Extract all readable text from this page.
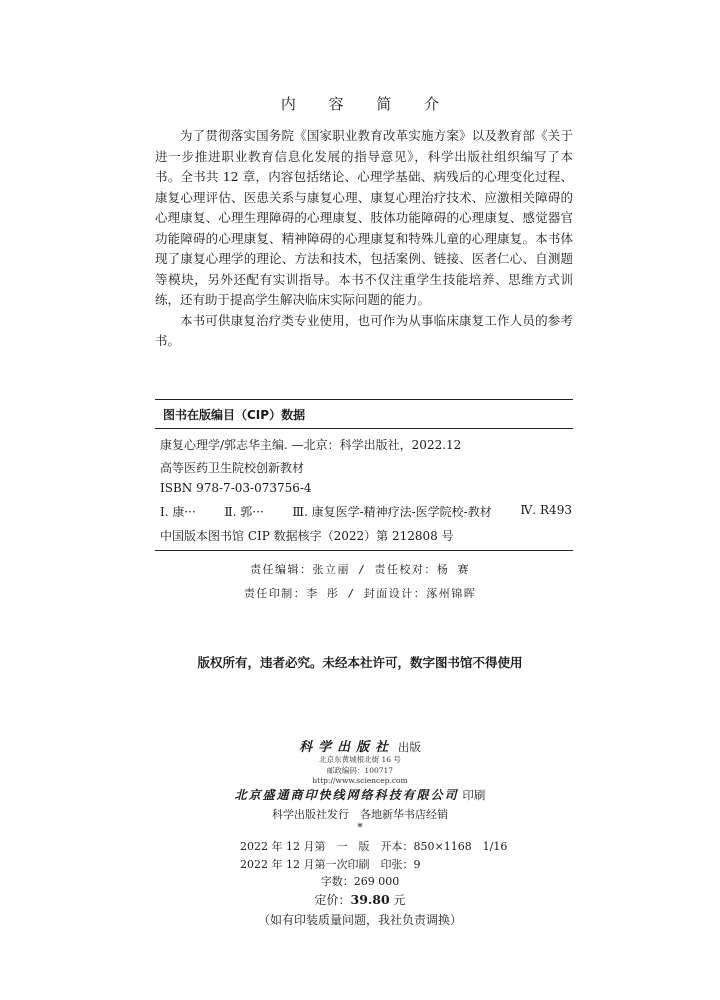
内 容 简 介

为了贯彻落实国务院《国家职业教育改革实施方案》以及教育部《关于进一步推进职业教育信息化发展的指导意见》，科学出版社组织编写了本书。全书共 12 章，内容包括绪论、心理学基础、病残后的心理变化过程、康复心理评估、医患关系与康复心理、康复心理治疗技术、应激相关障碍的心理康复、心理生理障碍的心理康复、肢体功能障碍的心理康复、感觉器官功能障碍的心理康复、精神障碍的心理康复和特殊儿童的心理康复。本书体现了康复心理学的理论、方法和技术，包括案例、链接、医者仁心、自测题等模块，另外还配有实训指导。本书不仅注重学生技能培养、思维方式训练，还有助于提高学生解决临床实际问题的能力。

本书可供康复治疗类专业使用，也可作为从事临床康复工作人员的参考书。

图书在版编目（CIP）数据
康复心理学/郭志华主编. —北京：科学出版社，2022.12
高等医药卫生院校创新教材
ISBN 978-7-03-073756-4
Ⅰ. 康··· Ⅱ. 郭··· Ⅲ. 康复医学-精神疗法-医学院校-教材 Ⅳ. R493
中国版本图书馆 CIP 数据核字（2022）第 212808 号
责任编辑：张立丽 / 责任校对：杨 赛
责任印制：李 彤 / 封面设计：涿州锦晖
版权所有，违者必究。未经本社许可，数字图书馆不得使用
科学出版社 出版
北京东黄城根北街 16 号
邮政编码：100717
http://www.sciencep.com
北京盛通商印快线网络科技有限公司 印刷
科学出版社发行　各地新华书店经销
*
2022 年 12 月第　一　版　开本：850×1168　1/16
2022 年 12 月第一次印刷　印张：9
字数：269 000
定价：39.80 元
（如有印装质量问题，我社负责调换）
